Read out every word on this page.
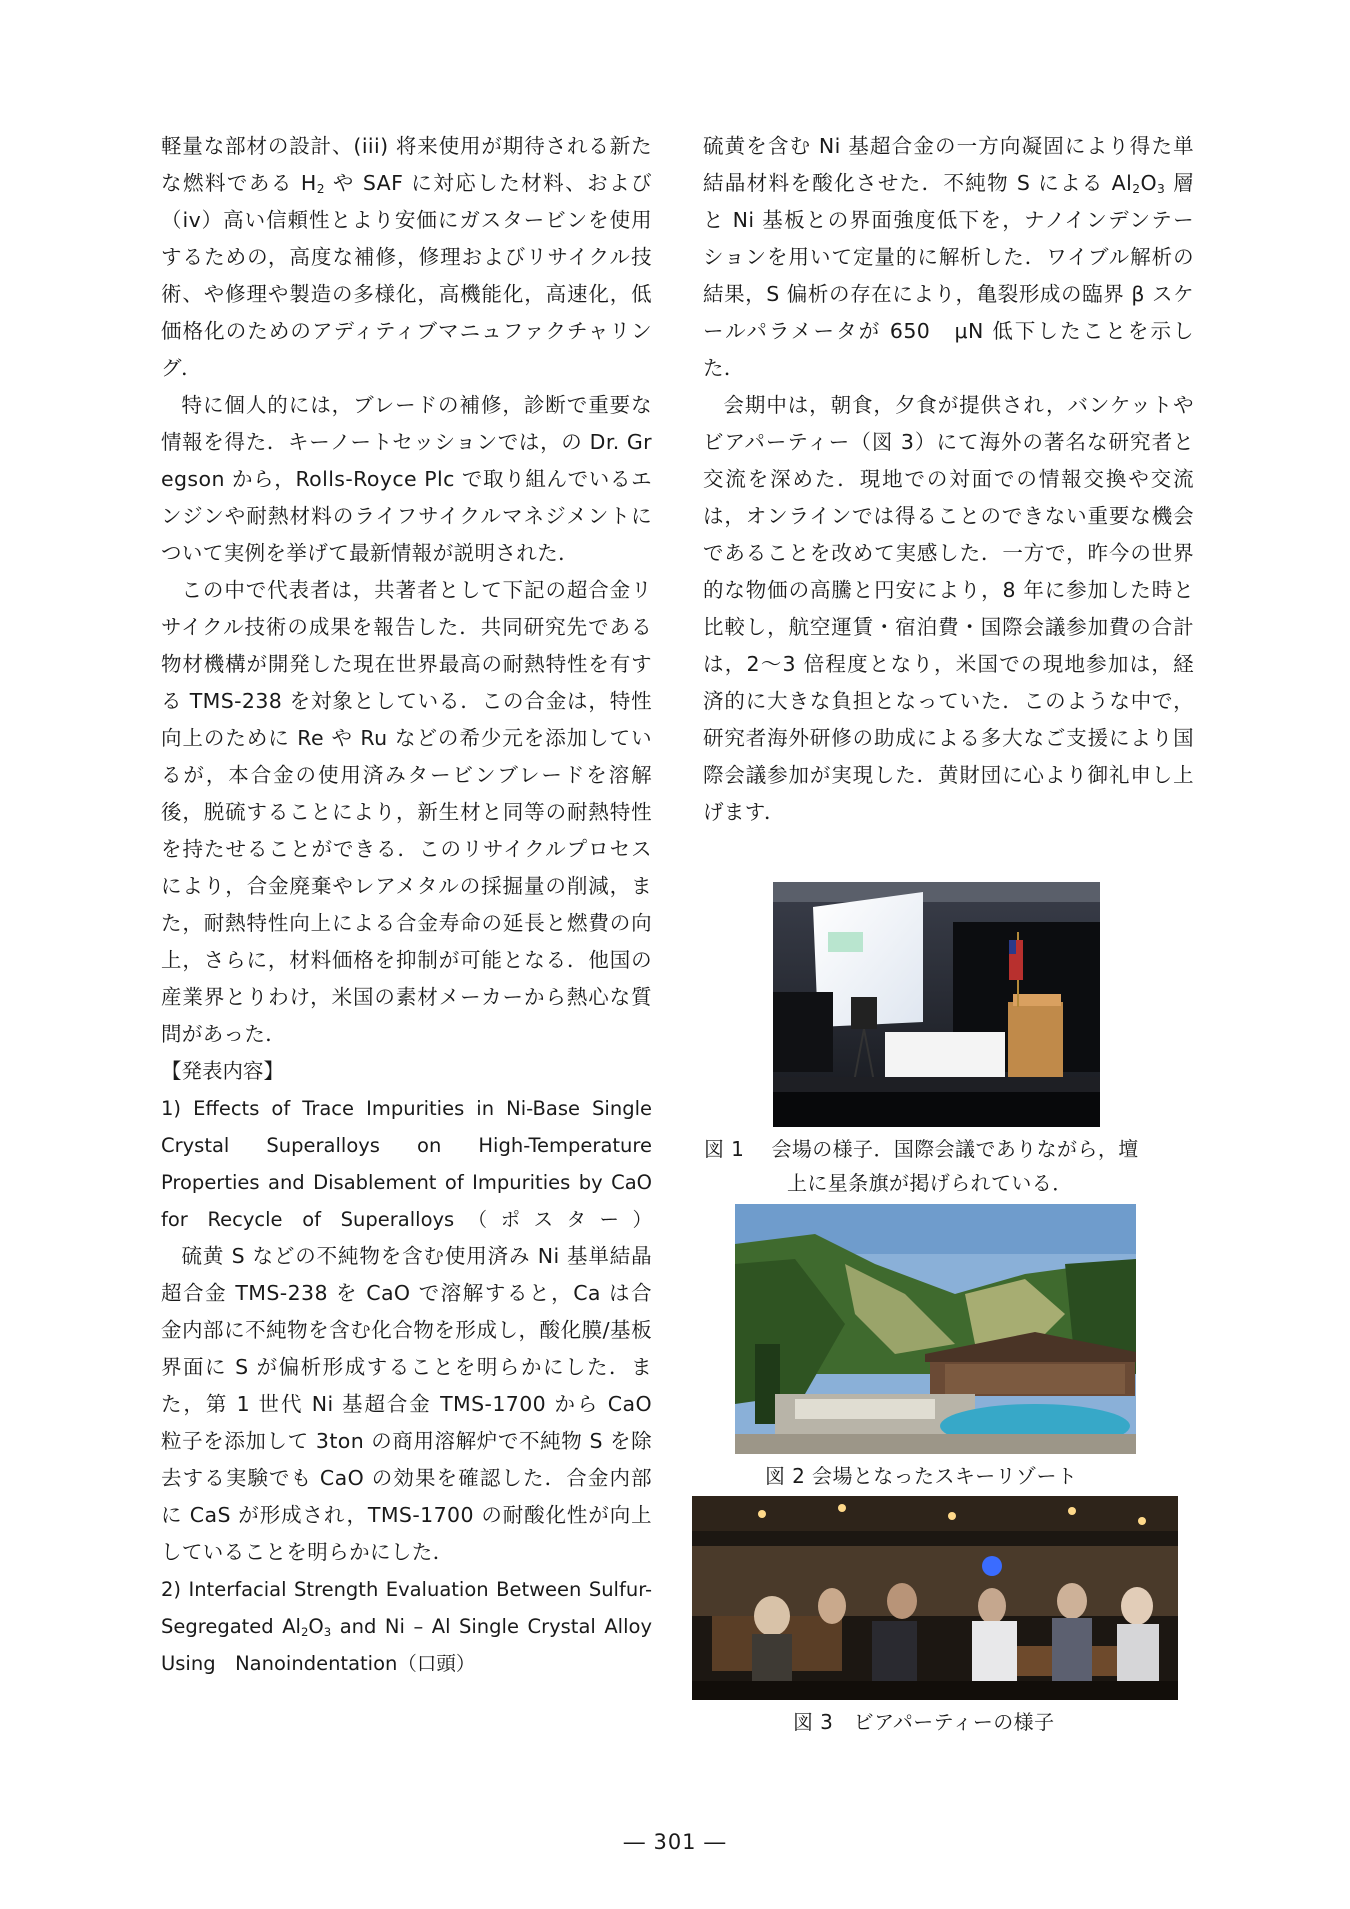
軽量な部材の設計、(iii) 将来使用が期待される新たな燃料である $H_2$ や SAF に対応した材料、および（iv）高い信頼性とより安価にガスタービンを使用するための，高度な補修，修理およびリサイクル技術、や修理や製造の多様化，高機能化，高速化，低価格化のためのアディティブマニュファクチャリング．

特に個人的には，ブレードの補修，診断で重要な情報を得た．キーノートセッションでは，の Dr. Gregson から，Rolls-Royce Plc で取り組んでいるエンジンや耐熱材料のライフサイクルマネジメントについて実例を挙げて最新情報が説明された．

この中で代表者は，共著者として下記の超合金リサイクル技術の成果を報告した．共同研究先である物材機構が開発した現在世界最高の耐熱特性を有する TMS-238 を対象としている．この合金は，特性向上のために Re や Ru などの希少元を添加しているが，本合金の使用済みタービンブレードを溶解後，脱硫することにより，新生材と同等の耐熱特性を持たせることができる．このリサイクルプロセスにより，合金廃棄やレアメタルの採掘量の削減，また，耐熱特性向上による合金寿命の延長と燃費の向上，さらに，材料価格を抑制が可能となる．他国の産業界とりわけ，米国の素材メーカーから熱心な質問があった．

【発表内容】

1) Effects of Trace Impurities in Ni-Base Single Crystal Superalloys on High-Temperature Properties and Disablement of Impurities by CaO for Recycle of Superalloys（ポスター）

硫黄 S などの不純物を含む使用済み Ni 基単結晶超合金 TMS-238 を CaO で溶解すると，Ca は合金内部に不純物を含む化合物を形成し，酸化膜/基板界面に S が偏析形成することを明らかにした．また，第 1 世代 Ni 基超合金 TMS-1700 から CaO 粒子を添加して 3ton の商用溶解炉で不純物 S を除去する実験でも CaO の効果を確認した．合金内部に CaS が形成され，TMS-1700 の耐酸化性が向上していることを明らかにした．

2) Interfacial Strength Evaluation Between Sulfur-Segregated $Al_2O_3$ and Ni – Al Single Crystal Alloy Using　Nanoindentation（口頭）

硫黄を含む Ni 基超合金の一方向凝固により得た単結晶材料を酸化させた．不純物 S による $Al_2O_3$ 層と Ni 基板との界面強度低下を，ナノインデンテーションを用いて定量的に解析した．ワイブル解析の結果，S 偏析の存在により，亀裂形成の臨界 β スケールパラメータが 650　μN 低下したことを示した．

会期中は，朝食，夕食が提供され，バンケットやビアパーティー（図 3）にて海外の著名な研究者と交流を深めた．現地での対面での情報交換や交流は，オンラインでは得ることのできない重要な機会であることを改めて実感した．一方で，昨今の世界的な物価の高騰と円安により，8 年に参加した時と比較し，航空運賃・宿泊費・国際会議参加費の合計は，2～3 倍程度となり，米国での現地参加は，経済的に大きな負担となっていた．このような中で，研究者海外研修の助成による多大なご支援により国際会議参加が実現した．黄財団に心より御礼申し上げます．

図 1　 会場の様子．国際会議でありながら，壇

上に星条旗が掲げられている．

図 2 会場となったスキーリゾート

図 3　ビアパーティーの様子

― 301 ―
